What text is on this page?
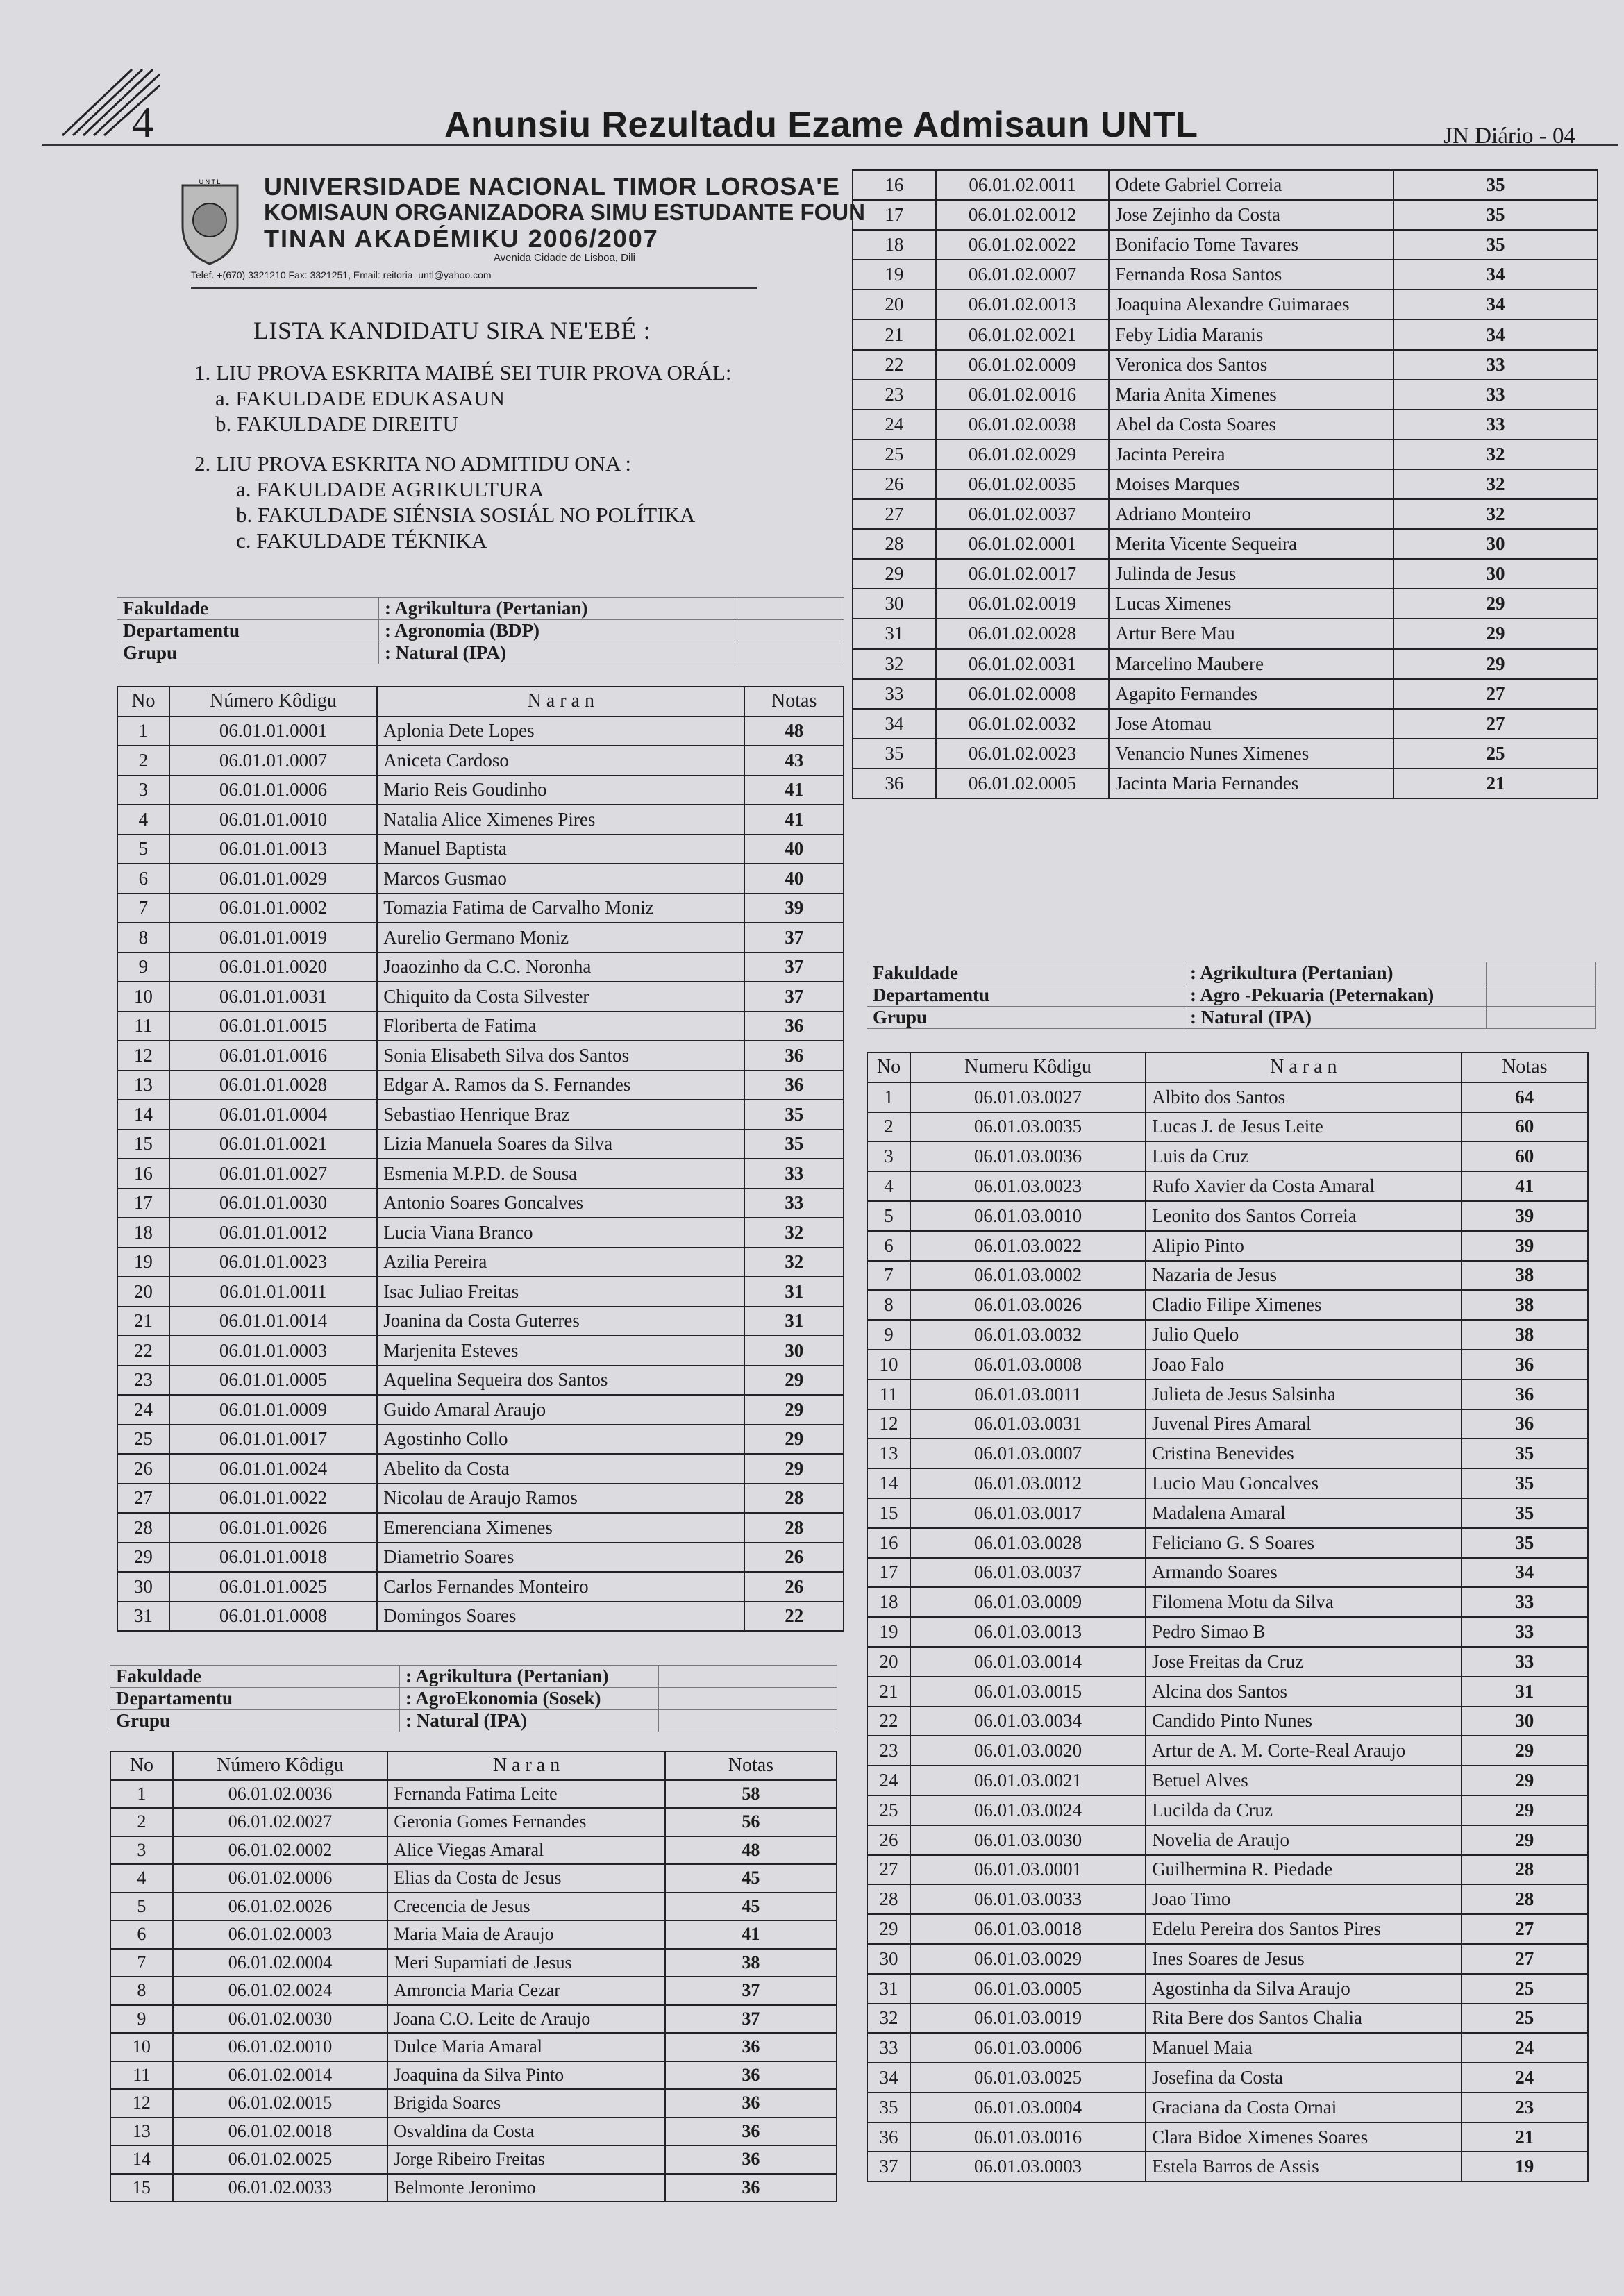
4	Anunsiu Rezultadu Ezame Admisaun UNTL	JN Diário - 04
U N T L UNIVERSIDADE NACIONAL TIMOR LOROSA'E
KOMISAUN ORGANIZADORA SIMU ESTUDANTE FOUN
TINAN AKADÉMIKU 2006/2007
Avenida Cidade de Lisboa, Dili
Telef. +(670) 3321210 Fax: 3321251, Email: reitoria_untl@yahoo.com
LISTA KANDIDATU SIRA NE'EBÉ :
1. LIU PROVA ESKRITA MAIBÉ SEI TUIR PROVA ORÁL:
a. FAKULDADE EDUKASAUN
b. FAKULDADE DIREITU
2. LIU PROVA ESKRITA NO ADMITIDU ONA :
a. FAKULDADE AGRIKULTURA
b. FAKULDADE SIÉNSIA SOSIÁL NO POLÍTIKA
c. FAKULDADE TÉKNIKA
Fakuldade	: Agrikultura (Pertanian)	
Departamentu	: Agronomia (BDP)	
Grupu	: Natural (IPA)	
No	Número Kôdigu	N a r a n	Notas
1	06.01.01.0001	Aplonia Dete Lopes	48
2	06.01.01.0007	Aniceta Cardoso	43
3	06.01.01.0006	Mario Reis Goudinho	41
4	06.01.01.0010	Natalia Alice Ximenes Pires	41
5	06.01.01.0013	Manuel Baptista	40
6	06.01.01.0029	Marcos Gusmao	40
7	06.01.01.0002	Tomazia Fatima de Carvalho Moniz	39
8	06.01.01.0019	Aurelio Germano Moniz	37
9	06.01.01.0020	Joaozinho da C.C. Noronha	37
10	06.01.01.0031	Chiquito da Costa Silvester	37
11	06.01.01.0015	Floriberta de Fatima	36
12	06.01.01.0016	Sonia Elisabeth Silva dos Santos	36
13	06.01.01.0028	Edgar A. Ramos da S. Fernandes	36
14	06.01.01.0004	Sebastiao Henrique Braz	35
15	06.01.01.0021	Lizia Manuela Soares da Silva	35
16	06.01.01.0027	Esmenia M.P.D. de Sousa	33
17	06.01.01.0030	Antonio Soares Goncalves	33
18	06.01.01.0012	Lucia Viana Branco	32
19	06.01.01.0023	Azilia Pereira	32
20	06.01.01.0011	Isac Juliao Freitas	31
21	06.01.01.0014	Joanina da Costa Guterres	31
22	06.01.01.0003	Marjenita Esteves	30
23	06.01.01.0005	Aquelina Sequeira dos Santos	29
24	06.01.01.0009	Guido Amaral Araujo	29
25	06.01.01.0017	Agostinho Collo	29
26	06.01.01.0024	Abelito da Costa	29
27	06.01.01.0022	Nicolau de Araujo Ramos	28
28	06.01.01.0026	Emerenciana Ximenes	28
29	06.01.01.0018	Diametrio Soares	26
30	06.01.01.0025	Carlos Fernandes Monteiro	26
31	06.01.01.0008	Domingos Soares	22
Fakuldade	: Agrikultura (Pertanian)	
Departamentu	: AgroEkonomia (Sosek)	
Grupu	: Natural (IPA)	
No	Número Kôdigu	N a r a n	Notas
1	06.01.02.0036	Fernanda Fatima Leite	58
2	06.01.02.0027	Geronia Gomes Fernandes	56
3	06.01.02.0002	Alice Viegas Amaral	48
4	06.01.02.0006	Elias da Costa de Jesus	45
5	06.01.02.0026	Crecencia de Jesus	45
6	06.01.02.0003	Maria Maia de Araujo	41
7	06.01.02.0004	Meri Suparniati de Jesus	38
8	06.01.02.0024	Amroncia Maria Cezar	37
9	06.01.02.0030	Joana C.O. Leite de Araujo	37
10	06.01.02.0010	Dulce Maria Amaral	36
11	06.01.02.0014	Joaquina da Silva Pinto	36
12	06.01.02.0015	Brigida Soares	36
13	06.01.02.0018	Osvaldina da Costa	36
14	06.01.02.0025	Jorge Ribeiro Freitas	36
15	06.01.02.0033	Belmonte Jeronimo	36
16	06.01.02.0011	Odete Gabriel Correia	35
17	06.01.02.0012	Jose Zejinho da Costa	35
18	06.01.02.0022	Bonifacio Tome Tavares	35
19	06.01.02.0007	Fernanda Rosa Santos	34
20	06.01.02.0013	Joaquina Alexandre Guimaraes	34
21	06.01.02.0021	Feby Lidia Maranis	34
22	06.01.02.0009	Veronica dos Santos	33
23	06.01.02.0016	Maria Anita Ximenes	33
24	06.01.02.0038	Abel da Costa Soares	33
25	06.01.02.0029	Jacinta Pereira	32
26	06.01.02.0035	Moises Marques	32
27	06.01.02.0037	Adriano Monteiro	32
28	06.01.02.0001	Merita Vicente Sequeira	30
29	06.01.02.0017	Julinda de Jesus	30
30	06.01.02.0019	Lucas Ximenes	29
31	06.01.02.0028	Artur Bere Mau	29
32	06.01.02.0031	Marcelino Maubere	29
33	06.01.02.0008	Agapito Fernandes	27
34	06.01.02.0032	Jose Atomau	27
35	06.01.02.0023	Venancio Nunes Ximenes	25
36	06.01.02.0005	Jacinta Maria Fernandes	21
Fakuldade	: Agrikultura (Pertanian)	
Departamentu	: Agro -Pekuaria (Peternakan)	
Grupu	: Natural (IPA)	
No	Numeru Kôdigu	N a r a n	Notas
1	06.01.03.0027	Albito dos Santos	64
2	06.01.03.0035	Lucas J. de Jesus Leite	60
3	06.01.03.0036	Luis da Cruz	60
4	06.01.03.0023	Rufo Xavier da Costa Amaral	41
5	06.01.03.0010	Leonito dos Santos Correia	39
6	06.01.03.0022	Alipio Pinto	39
7	06.01.03.0002	Nazaria de Jesus	38
8	06.01.03.0026	Cladio Filipe Ximenes	38
9	06.01.03.0032	Julio Quelo	38
10	06.01.03.0008	Joao Falo	36
11	06.01.03.0011	Julieta de Jesus Salsinha	36
12	06.01.03.0031	Juvenal Pires Amaral	36
13	06.01.03.0007	Cristina Benevides	35
14	06.01.03.0012	Lucio Mau Goncalves	35
15	06.01.03.0017	Madalena Amaral	35
16	06.01.03.0028	Feliciano G. S Soares	35
17	06.01.03.0037	Armando Soares	34
18	06.01.03.0009	Filomena Motu da Silva	33
19	06.01.03.0013	Pedro Simao B	33
20	06.01.03.0014	Jose Freitas da Cruz	33
21	06.01.03.0015	Alcina dos Santos	31
22	06.01.03.0034	Candido Pinto Nunes	30
23	06.01.03.0020	Artur de A. M. Corte-Real Araujo	29
24	06.01.03.0021	Betuel Alves	29
25	06.01.03.0024	Lucilda da Cruz	29
26	06.01.03.0030	Novelia de Araujo	29
27	06.01.03.0001	Guilhermina R. Piedade	28
28	06.01.03.0033	Joao Timo	28
29	06.01.03.0018	Edelu Pereira dos Santos Pires	27
30	06.01.03.0029	Ines Soares de Jesus	27
31	06.01.03.0005	Agostinha da Silva Araujo	25
32	06.01.03.0019	Rita Bere dos Santos Chalia	25
33	06.01.03.0006	Manuel Maia	24
34	06.01.03.0025	Josefina da Costa	24
35	06.01.03.0004	Graciana da Costa Ornai	23
36	06.01.03.0016	Clara Bidoe Ximenes Soares	21
37	06.01.03.0003	Estela Barros de Assis	19
